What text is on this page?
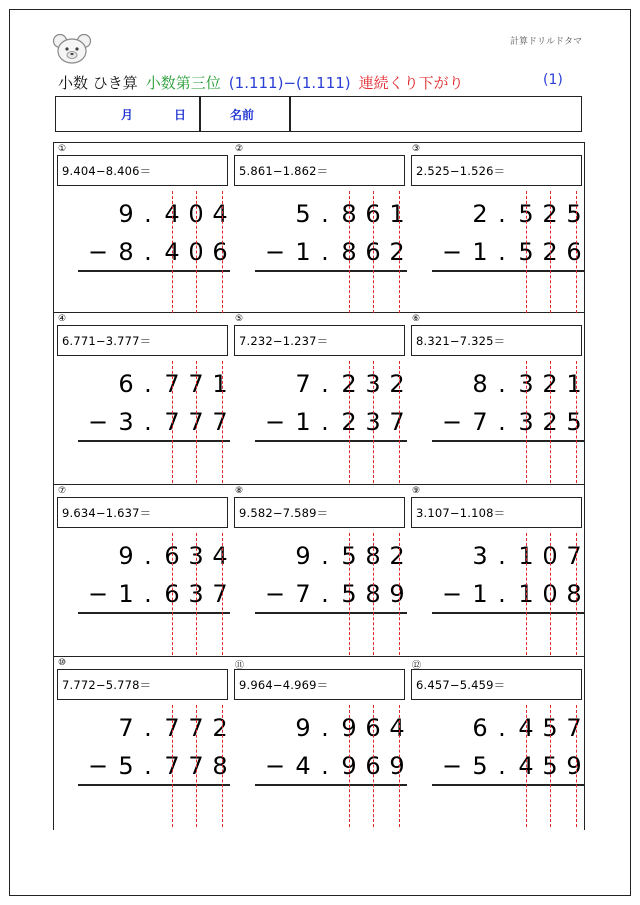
計算ドリルドタマ
小数 ひき算 小数第三位 (1.111)−(1.111) 連続くり下がり	(1)
月	日	名前
①
9.404−8.406＝
9 . 4 0 4
− 8 . 4 0 6
②
5.861−1.862＝
5 . 8 6 1
− 1 . 8 6 2
③
2.525−1.526＝
2 . 5 2 5
− 1 . 5 2 6
④
6.771−3.777＝
6 . 7 7 1
− 3 . 7 7 7
⑤
7.232−1.237＝
7 . 2 3 2
− 1 . 2 3 7
⑥
8.321−7.325＝
8 . 3 2 1
− 7 . 3 2 5
⑦
9.634−1.637＝
9 . 6 3 4
− 1 . 6 3 7
⑧
9.582−7.589＝
9 . 5 8 2
− 7 . 5 8 9
⑨
3.107−1.108＝
3 . 1 0 7
− 1 . 1 0 8
⑩
7.772−5.778＝
7 . 7 7 2
− 5 . 7 7 8
⑪
9.964−4.969＝
9 . 9 6 4
− 4 . 9 6 9
⑫
6.457−5.459＝
6 . 4 5 7
− 5 . 4 5 9
